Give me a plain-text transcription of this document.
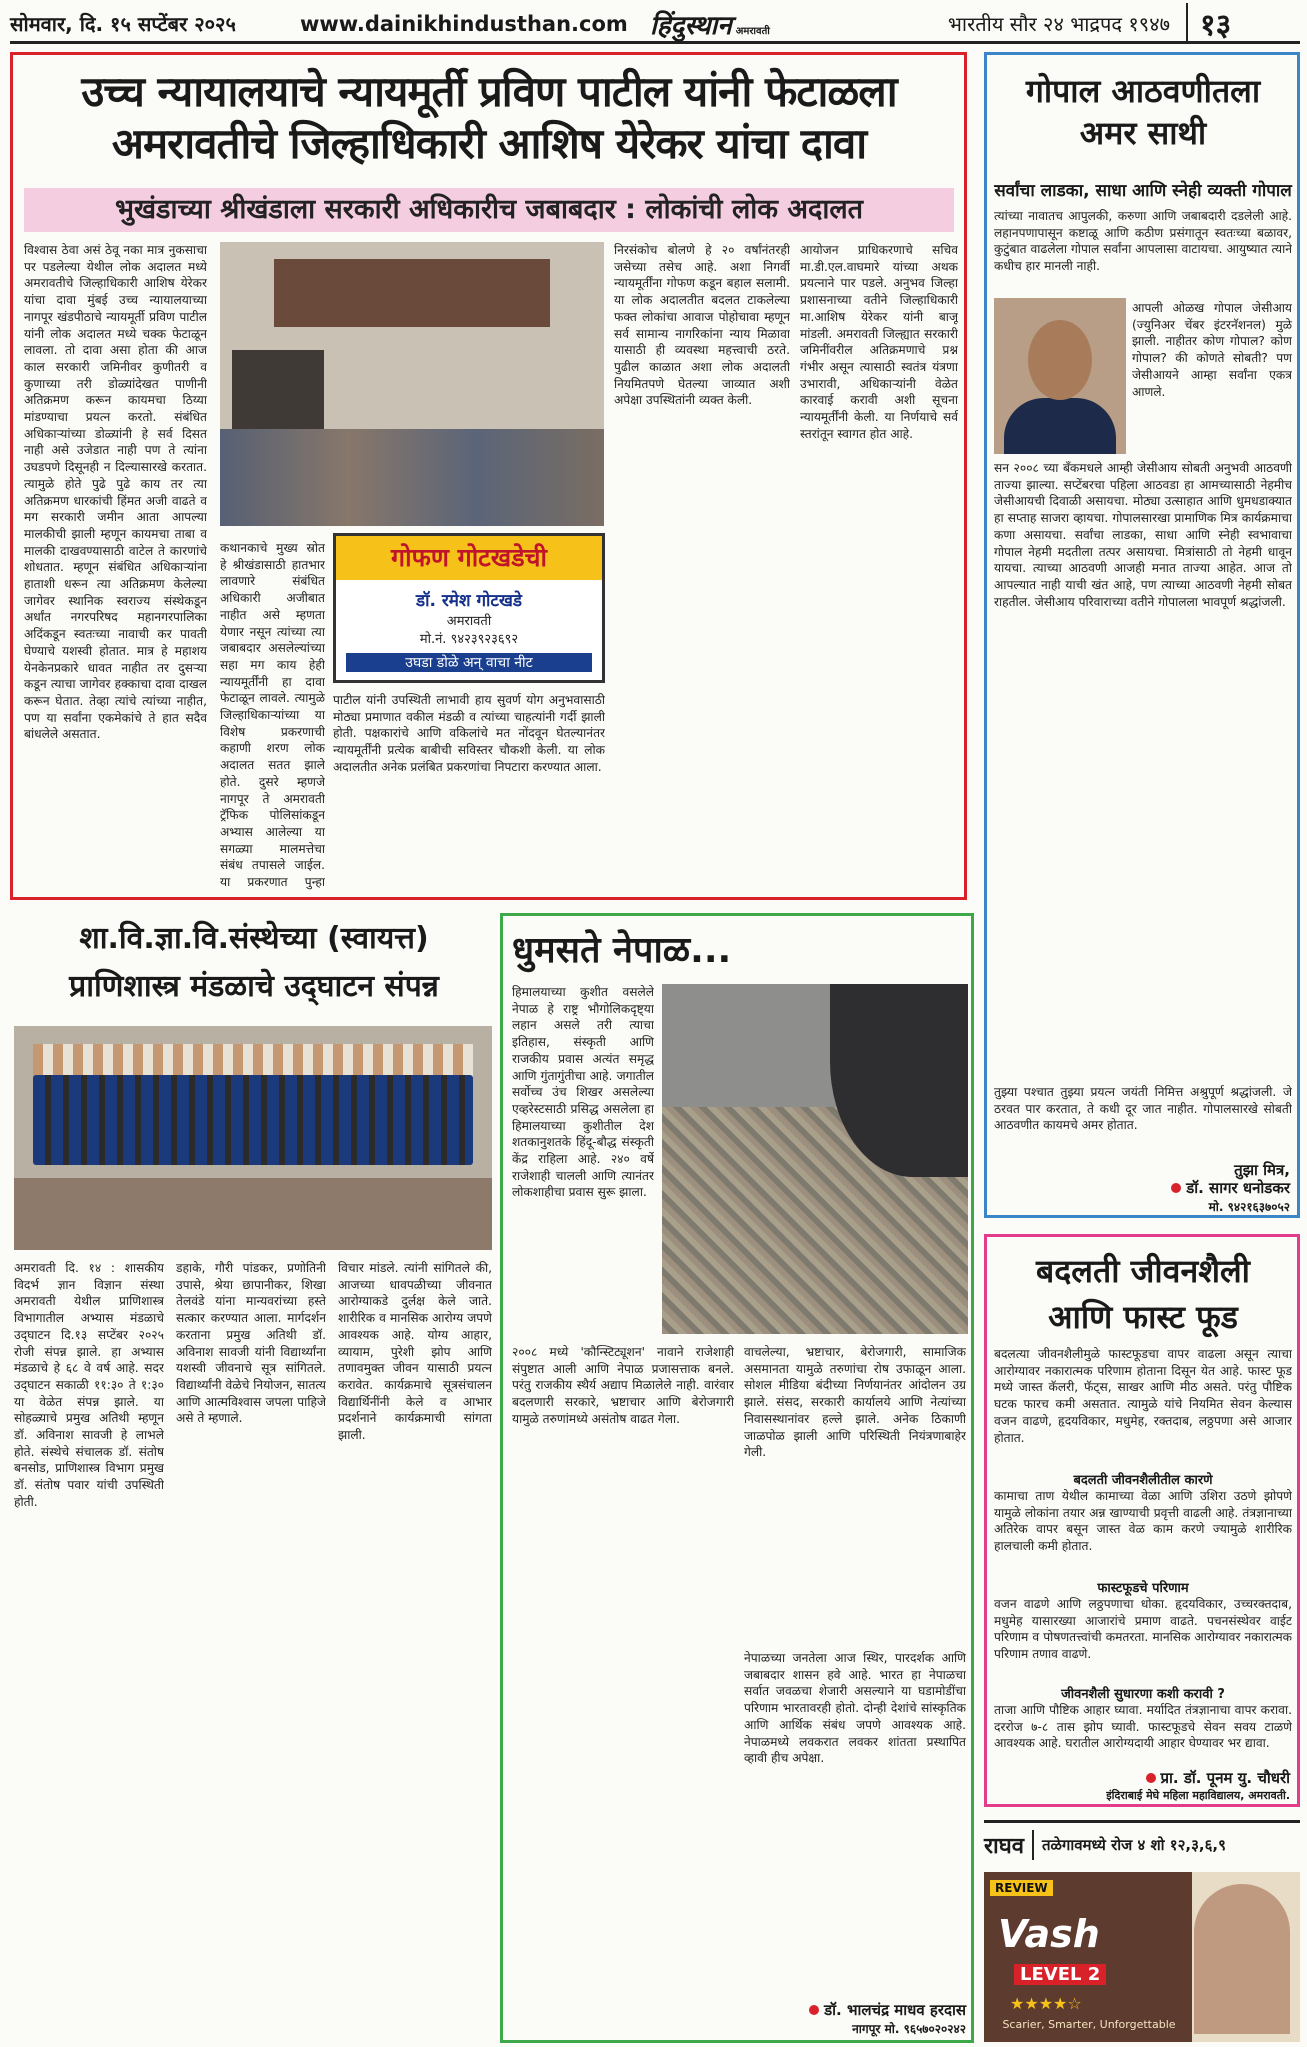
सोमवार, दि. १५ सप्टेंबर २०२५	www.dainikhindusthan.com हिंदुस्थान अमरावती	भारतीय सौर २४ भाद्रपद १९४७	१३
उच्च न्यायालयाचे न्यायमूर्ती प्रविण पाटील यांनी फेटाळला
अमरावतीचे जिल्हाधिकारी आशिष येरेकर यांचा दावा
भुखंडाच्या श्रीखंडाला सरकारी अधिकारीच जबाबदार : लोकांची लोक अदालत
विश्वास ठेवा असं ठेवू नका मात्र नुकसाचा पर पडलेल्या येथील लोक अदालत मध्ये अमरावतीचे जिल्हाधिकारी आशिष येरेकर यांचा दावा मुंबई उच्च न्यायालयाच्या नागपूर खंडपीठाचे न्यायमूर्ती प्रविण पाटील यांनी लोक अदालत मध्ये चक्क फेटाळून लावला. तो दावा असा होता की आज काल सरकारी जमिनीवर कुणीतरी व कुणाच्या तरी डोळ्यांदेखत पाणीनी अतिक्रमण करून कायमचा ठिय्या मांडण्याचा प्रयत्न करतो. संबंधित अधिकाऱ्यांच्या डोळ्यांनी हे सर्व दिसत नाही असे उजेडात नाही पण ते त्यांना उघडपणे दिसूनही न दिल्यासारखे करतात. त्यामुळे होते पुढे पुढे काय तर त्या अतिक्रमण धारकांची हिंमत अजी वाढते व मग सरकारी जमीन आता आपल्या मालकीची झाली म्हणून कायमचा ताबा व मालकी दाखवण्यासाठी वाटेल ते कारणांचे शोधतात. म्हणून संबंधित अधिकाऱ्यांना हाताशी धरून त्या अतिक्रमण केलेल्या जागेवर स्थानिक स्वराज्य संस्थेकडून अर्धांत नगरपरिषद महानगरपालिका अदिंकडून स्वतःच्या नावाची कर पावती घेण्याचे यशस्वी होतात. मात्र हे महाशय येनकेनप्रकारे धावत नाहीत तर दुसऱ्या कडून त्याचा जागेवर हक्काचा दावा दाखल करून घेतात. तेव्हा त्यांचे त्यांच्या नाहीत, पण या सर्वांना एकमेकांचे ते हात सदैव बांधलेले असतात.
कथानकाचे मुख्य स्रोत हे श्रीखंडासाठी हातभार लावणारे संबंधित अधिकारी अजीबात नाहीत असे म्हणता येणार नसून त्यांच्या त्या जबाबदार असलेल्यांच्या सहा मग काय हेही न्यायमूर्तींनी हा दावा फेटाळून लावले. त्यामुळे जिल्हाधिकाऱ्यांच्या या विशेष प्रकरणाची कहाणी शरण लोक अदालत सतत झाले होते. दुसरे म्हणजे नागपूर ते अमरावती ट्रॅफिक पोलिसांकडून अभ्यास आलेल्या या सगळ्या मालमत्तेचा संबंध तपासले जाईल. या प्रकरणात पुन्हा
गोफण गोटखडेची
डॉ. रमेश गोटखडे
अमरावती
मो.नं. ९४२३९२३६९२
उघडा डोळे अन् वाचा नीट
पाटील यांनी उपस्थिती लाभावी हाय सुवर्ण योग अनुभवासाठी मोठ्या प्रमाणात वकील मंडळी व त्यांच्या चाहत्यांनी गर्दी झाली होती. पक्षकारांचे आणि वकिलांचे मत नोंदवून घेतल्यानंतर न्यायमूर्तींनी प्रत्येक बाबीची सविस्तर चौकशी केली. या लोक अदालतीत अनेक प्रलंबित प्रकरणांचा निपटारा करण्यात आला.
निरसंकोच बोलणे हे २० वर्षांनंतरही जसेच्या तसेच आहे. अशा निगर्वी न्यायमूर्तींना गोफण कडून बहाल सलामी. या लोक अदालतीत बदलत टाकलेल्या फक्त लोकांचा आवाज पोहोचावा म्हणून सर्व सामान्य नागरिकांना न्याय मिळावा यासाठी ही व्यवस्था महत्त्वाची ठरते. पुढील काळात अशा लोक अदालती नियमितपणे घेतल्या जाव्यात अशी अपेक्षा उपस्थितांनी व्यक्त केली.
आयोजन प्राधिकरणाचे सचिव मा.डी.एल.वाघमारे यांच्या अथक प्रयत्नाने पार पडले. अनुभव जिल्हा प्रशासनाच्या वतीने जिल्हाधिकारी मा.आशिष येरेकर यांनी बाजू मांडली. अमरावती जिल्ह्यात सरकारी जमिनींवरील अतिक्रमणाचे प्रश्न गंभीर असून त्यासाठी स्वतंत्र यंत्रणा उभारावी, अधिकाऱ्यांनी वेळेत कारवाई करावी अशी सूचना न्यायमूर्तींनी केली. या निर्णयाचे सर्व स्तरांतून स्वागत होत आहे.
गोपाल आठवणीतला
अमर साथी
सर्वांचा लाडका, साधा आणि स्नेही व्यक्ती गोपाल
त्यांच्या नावातच आपुलकी, करुणा आणि जबाबदारी दडलेली आहे. लहानपणापासून कष्टाळू आणि कठीण प्रसंगातून स्वतःच्या बळावर, कुटुंबात वाढलेला गोपाल सर्वांना आपलासा वाटायचा. आयुष्यात त्याने कधीच हार मानली नाही.
आपली ओळख गोपाल जेसीआय (ज्युनिअर चेंबर इंटरनॅशनल) मुळे झाली. नाहीतर कोण गोपाल? कोण गोपाल? की कोणते सोबती? पण जेसीआयने आम्हा सर्वांना एकत्र आणले.
सन २००८ च्या बँकमधले आम्ही जेसीआय सोबती अनुभवी आठवणी ताज्या झाल्या. सप्टेंबरचा पहिला आठवडा हा आमच्यासाठी नेहमीच जेसीआयची दिवाळी असायचा. मोठ्या उत्साहात आणि धुमधडाक्यात हा सप्ताह साजरा व्हायचा. गोपालसारखा प्रामाणिक मित्र कार्यक्रमाचा कणा असायचा. सर्वांचा लाडका, साधा आणि स्नेही स्वभावाचा गोपाल नेहमी मदतीला तत्पर असायचा. मित्रांसाठी तो नेहमी धावून यायचा. त्याच्या आठवणी आजही मनात ताज्या आहेत. आज तो आपल्यात नाही याची खंत आहे, पण त्याच्या आठवणी नेहमी सोबत राहतील. जेसीआय परिवाराच्या वतीने गोपालला भावपूर्ण श्रद्धांजली.
तुझ्या पश्चात तुझ्या प्रयत्न जयंती निमित्त अश्रुपूर्ण श्रद्धांजली. जे ठरवत पार करतात, ते कधी दूर जात नाहीत. गोपालसारखे सोबती आठवणीत कायमचे अमर होतात.
तुझा मित्र,
डॉ. सागर धनोडकर
मो. ९४२१६३७०५२
बदलती जीवनशैली
आणि फास्ट फूड
बदलत्या जीवनशैलीमुळे फास्टफूडचा वापर वाढला असून त्याचा आरोग्यावर नकारात्मक परिणाम होताना दिसून येत आहे. फास्ट फूड मध्ये जास्त कॅलरी, फॅट्स, साखर आणि मीठ असते. परंतु पौष्टिक घटक फारच कमी असतात. त्यामुळे यांचे नियमित सेवन केल्यास वजन वाढणे, हृदयविकार, मधुमेह, रक्तदाब, लठ्ठपणा असे आजार होतात.
बदलती जीवनशैलीतील कारणे
कामाचा ताण येथील कामाच्या वेळा आणि उशिरा उठणे झोपणे यामुळे लोकांना तयार अन्न खाण्याची प्रवृत्ती वाढली आहे. तंत्रज्ञानाच्या अतिरेक वापर बसून जास्त वेळ काम करणे ज्यामुळे शारीरिक हालचाली कमी होतात.
फास्टफूडचे परिणाम
वजन वाढणे आणि लठ्ठपणाचा धोका. हृदयविकार, उच्चरक्तदाब, मधुमेह यासारख्या आजारांचे प्रमाण वाढते. पचनसंस्थेवर वाईट परिणाम व पोषणतत्त्वांची कमतरता. मानसिक आरोग्यावर नकारात्मक परिणाम तणाव वाढणे.
जीवनशैली सुधारणा कशी करावी ?
ताजा आणि पौष्टिक आहार घ्यावा. मर्यादित तंत्रज्ञानाचा वापर करावा. दररोज ७-८ तास झोप घ्यावी. फास्टफूडचे सेवन सवय टाळणे आवश्यक आहे. घरातील आरोग्यदायी आहार घेण्यावर भर द्यावा.
प्रा. डॉ. पूनम यु. चौधरी
इंदिराबाई मेघे महिला महाविद्यालय, अमरावती.
राघव	तळेगावमध्ये रोज ४ शो १२,३,६,९
REVIEW
Vash
LEVEL 2
★★★★☆
Scarier, Smarter, Unforgettable
शा.वि.ज्ञा.वि.संस्थेच्या (स्वायत्त)
प्राणिशास्त्र मंडळाचे उद्‌घाटन संपन्न
अमरावती दि. १४ : शासकीय विदर्भ ज्ञान विज्ञान संस्था अमरावती येथील प्राणिशास्त्र विभागातील अभ्यास मंडळाचे उद्‌घाटन दि.१३ सप्टेंबर २०२५ रोजी संपन्न झाले. हा अभ्यास मंडळाचे हे ६८ वे वर्ष आहे. सदर उद्‌घाटन सकाळी ११:३० ते १:३० या वेळेत संपन्न झाले. या सोहळ्याचे प्रमुख अतिथी म्हणून डॉ. अविनाश सावजी हे लाभले होते. संस्थेचे संचालक डॉ. संतोष बनसोड, प्राणिशास्त्र विभाग प्रमुख डॉ. संतोष पवार यांची उपस्थिती होती.
डहाके, गौरी पांडकर, प्रणोतिनी उपासे, श्रेया छापानीकर, शिखा तेलवंडे यांना मान्यवरांच्या हस्ते सत्कार करण्यात आला. मार्गदर्शन करताना प्रमुख अतिथी डॉ. अविनाश सावजी यांनी विद्यार्थ्यांना यशस्वी जीवनाचे सूत्र सांगितले. विद्यार्थ्यांनी वेळेचे नियोजन, सातत्य आणि आत्मविश्वास जपला पाहिजे असे ते म्हणाले.
विचार मांडले. त्यांनी सांगितले की, आजच्या धावपळीच्या जीवनात आरोग्याकडे दुर्लक्ष केले जाते. शारीरिक व मानसिक आरोग्य जपणे आवश्यक आहे. योग्य आहार, व्यायाम, पुरेशी झोप आणि तणावमुक्त जीवन यासाठी प्रयत्न करावेत. कार्यक्रमाचे सूत्रसंचालन विद्यार्थिनींनी केले व आभार प्रदर्शनाने कार्यक्रमाची सांगता झाली.
धुमसते नेपाळ...
हिमालयाच्या कुशीत वसलेले नेपाळ हे राष्ट्र भौगोलिकदृष्ट्या लहान असले तरी त्याचा इतिहास, संस्कृती आणि राजकीय प्रवास अत्यंत समृद्ध आणि गुंतागुंतीचा आहे. जगातील सर्वोच्च उंच शिखर असलेल्या एव्हरेस्टसाठी प्रसिद्ध असलेला हा हिमालयाच्या कुशीतील देश शतकानुशतके हिंदू-बौद्ध संस्कृती केंद्र राहिला आहे. २४० वर्षे राजेशाही चालली आणि त्यानंतर लोकशाहीचा प्रवास सुरू झाला.
२००८ मध्ये 'कौन्स्टिट्यूशन' नावाने राजेशाही संपुष्टात आली आणि नेपाळ प्रजासत्ताक बनले. परंतु राजकीय स्थैर्य अद्याप मिळालेले नाही. वारंवार बदलणारी सरकारे, भ्रष्टाचार आणि बेरोजगारी यामुळे तरुणांमध्ये असंतोष वाढत गेला.
वाचलेल्या, भ्रष्टाचार, बेरोजगारी, सामाजिक असमानता यामुळे तरुणांचा रोष उफाळून आला. सोशल मीडिया बंदीच्या निर्णयानंतर आंदोलन उग्र झाले. संसद, सरकारी कार्यालये आणि नेत्यांच्या निवासस्थानांवर हल्ले झाले. अनेक ठिकाणी जाळपोळ झाली आणि परिस्थिती नियंत्रणाबाहेर गेली.
नेपाळच्या जनतेला आज स्थिर, पारदर्शक आणि जबाबदार शासन हवे आहे. भारत हा नेपाळचा सर्वात जवळचा शेजारी असल्याने या घडामोडींचा परिणाम भारतावरही होतो. दोन्ही देशांचे सांस्कृतिक आणि आर्थिक संबंध जपणे आवश्यक आहे. नेपाळमध्ये लवकरात लवकर शांतता प्रस्थापित व्हावी हीच अपेक्षा.
डॉ. भालचंद्र माधव हरदास
नागपूर मो. ९६५७०२०२४२
